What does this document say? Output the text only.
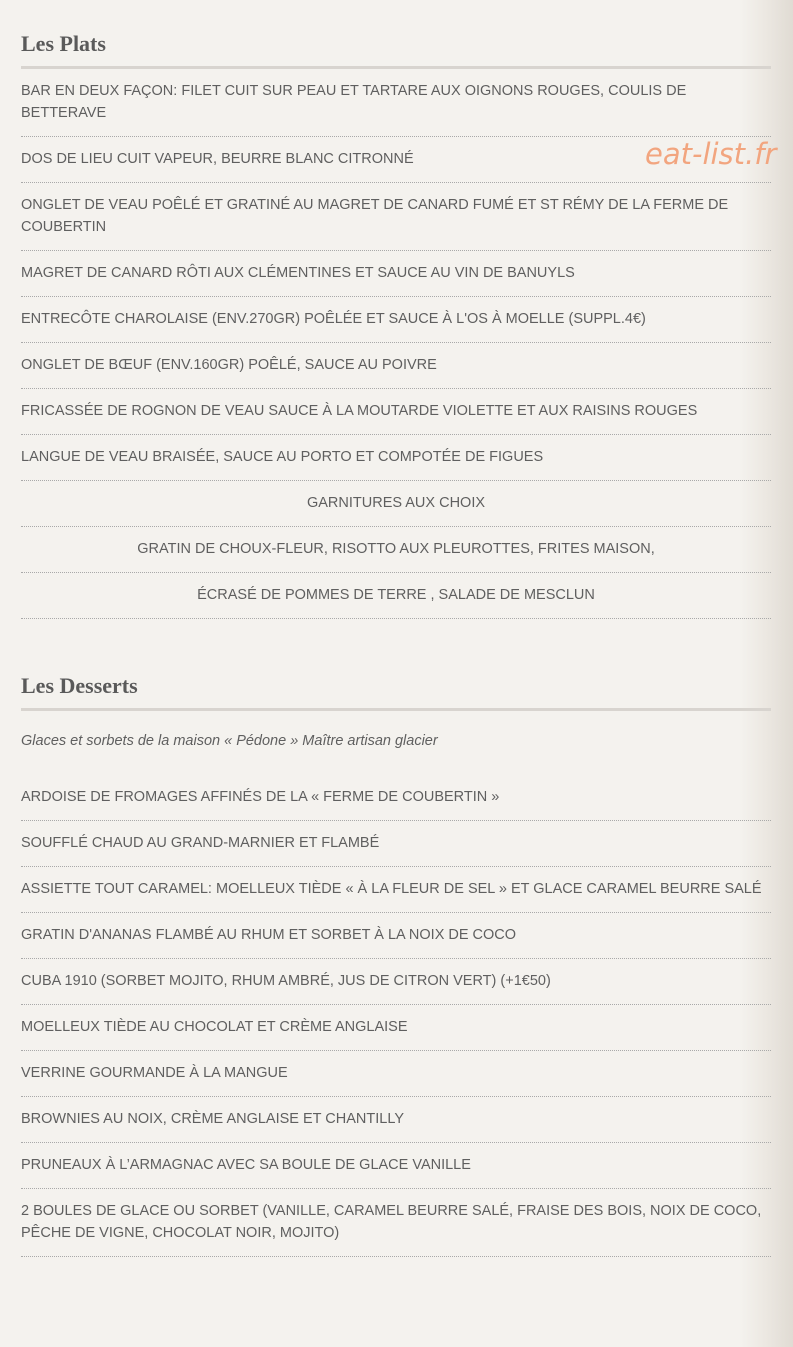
Les Plats
BAR EN DEUX FAÇON: FILET CUIT SUR PEAU ET TARTARE AUX OIGNONS ROUGES, COULIS DE BETTERAVE
DOS DE LIEU CUIT VAPEUR, BEURRE BLANC CITRONNÉ
ONGLET DE VEAU POÊLÉ ET GRATINÉ AU MAGRET DE CANARD FUMÉ ET ST RÉMY DE LA FERME DE COUBERTIN
MAGRET DE CANARD RÔTI AUX CLÉMENTINES ET SAUCE AU VIN DE BANUYLS
ENTRECÔTE CHAROLAISE (ENV.270GR) POÊLÉE ET SAUCE À L'OS À MOELLE (SUPPL.4€)
ONGLET DE BŒUF (ENV.160GR) POÊLÉ, SAUCE AU POIVRE
FRICASSÉE DE ROGNON DE VEAU SAUCE À LA MOUTARDE VIOLETTE ET AUX RAISINS ROUGES
LANGUE DE VEAU BRAISÉE, SAUCE AU PORTO ET COMPOTÉE DE FIGUES
GARNITURES AUX CHOIX
GRATIN DE CHOUX-FLEUR, RISOTTO AUX PLEUROTTES, FRITES MAISON,
ÉCRASÉ DE POMMES DE TERRE , SALADE DE MESCLUN
Les Desserts
Glaces et sorbets de la maison « Pédone » Maître artisan glacier
ARDOISE DE FROMAGES AFFINÉS DE LA « FERME DE COUBERTIN »
SOUFFLÉ CHAUD AU GRAND-MARNIER ET FLAMBÉ
ASSIETTE TOUT CARAMEL: MOELLEUX TIÈDE « À LA FLEUR DE SEL » ET GLACE CARAMEL BEURRE SALÉ
GRATIN D'ANANAS FLAMBÉ AU RHUM ET SORBET À LA NOIX DE COCO
CUBA 1910 (SORBET MOJITO, RHUM AMBRÉ, JUS DE CITRON VERT) (+1€50)
MOELLEUX TIÈDE AU CHOCOLAT ET CRÈME ANGLAISE
VERRINE GOURMANDE À LA MANGUE
BROWNIES AU NOIX, CRÈME ANGLAISE ET CHANTILLY
PRUNEAUX À L’ARMAGNAC AVEC SA BOULE DE GLACE VANILLE
2 BOULES DE GLACE OU SORBET (VANILLE, CARAMEL BEURRE SALÉ, FRAISE DES BOIS, NOIX DE COCO, PÊCHE DE VIGNE, CHOCOLAT NOIR, MOJITO)
eat-list.fr
